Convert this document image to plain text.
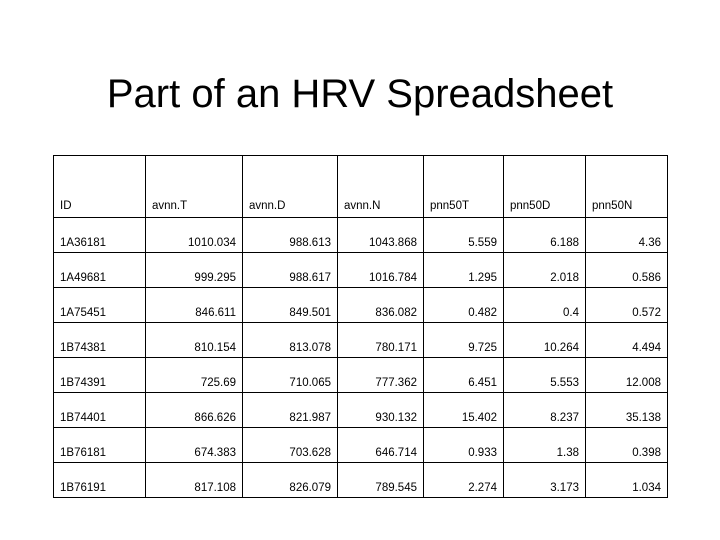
Part of an HRV Spreadsheet
ID	avnn.T	avnn.D	avnn.N	pnn50T	pnn50D	pnn50N
1A36181	1010.034	988.613	1043.868	5.559	6.188	4.36
1A49681	999.295	988.617	1016.784	1.295	2.018	0.586
1A75451	846.611	849.501	836.082	0.482	0.4	0.572
1B74381	810.154	813.078	780.171	9.725	10.264	4.494
1B74391	725.69	710.065	777.362	6.451	5.553	12.008
1B74401	866.626	821.987	930.132	15.402	8.237	35.138
1B76181	674.383	703.628	646.714	0.933	1.38	0.398
1B76191	817.108	826.079	789.545	2.274	3.173	1.034
